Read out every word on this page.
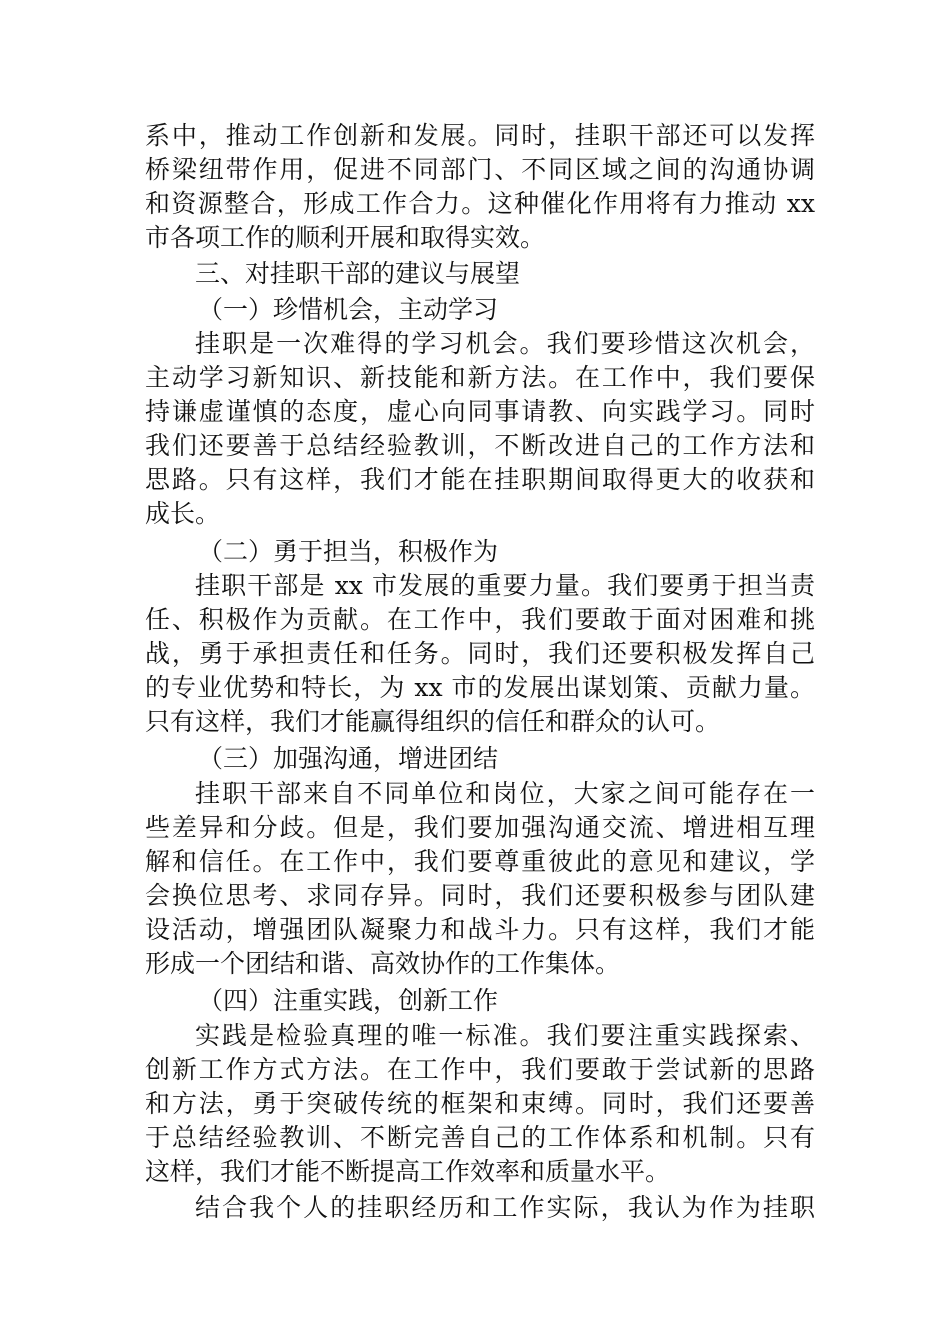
系中，推动工作创新和发展。同时，挂职干部还可以发挥
桥梁纽带作用，促进不同部门、不同区域之间的沟通协调
和资源整合，形成工作合力。这种催化作用将有力推动 xx
市各项工作的顺利开展和取得实效。
三、对挂职干部的建议与展望
（一）珍惜机会，主动学习
挂职是一次难得的学习机会。我们要珍惜这次机会，
主动学习新知识、新技能和新方法。在工作中，我们要保
持谦虚谨慎的态度，虚心向同事请教、向实践学习。同时
我们还要善于总结经验教训，不断改进自己的工作方法和
思路。只有这样，我们才能在挂职期间取得更大的收获和
成长。
（二）勇于担当，积极作为
挂职干部是 xx 市发展的重要力量。我们要勇于担当责
任、积极作为贡献。在工作中，我们要敢于面对困难和挑
战，勇于承担责任和任务。同时，我们还要积极发挥自己
的专业优势和特长，为 xx 市的发展出谋划策、贡献力量。
只有这样，我们才能赢得组织的信任和群众的认可。
（三）加强沟通，增进团结
挂职干部来自不同单位和岗位，大家之间可能存在一
些差异和分歧。但是，我们要加强沟通交流、增进相互理
解和信任。在工作中，我们要尊重彼此的意见和建议，学
会换位思考、求同存异。同时，我们还要积极参与团队建
设活动，增强团队凝聚力和战斗力。只有这样，我们才能
形成一个团结和谐、高效协作的工作集体。
（四）注重实践，创新工作
实践是检验真理的唯一标准。我们要注重实践探索、
创新工作方式方法。在工作中，我们要敢于尝试新的思路
和方法，勇于突破传统的框架和束缚。同时，我们还要善
于总结经验教训、不断完善自己的工作体系和机制。只有
这样，我们才能不断提高工作效率和质量水平。
结合我个人的挂职经历和工作实际，我认为作为挂职
